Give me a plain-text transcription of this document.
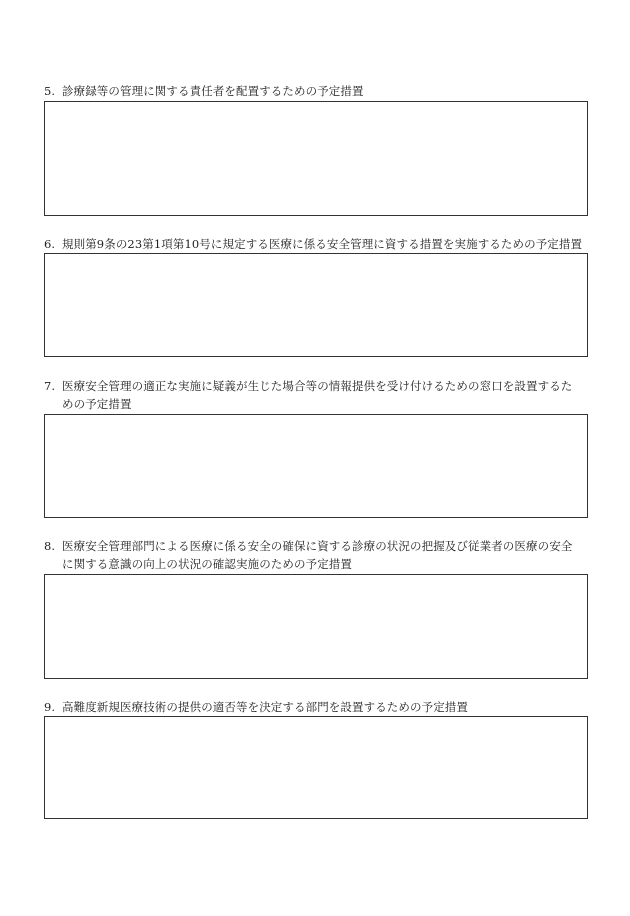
5. 診療録等の管理に関する責任者を配置するための予定措置
6. 規則第9条の23第1項第10号に規定する医療に係る安全管理に資する措置を実施するための予定措置
7. 医療安全管理の適正な実施に疑義が生じた場合等の情報提供を受け付けるための窓口を設置するた
めの予定措置
8. 医療安全管理部門による医療に係る安全の確保に資する診療の状況の把握及び従業者の医療の安全
に関する意識の向上の状況の確認実施のための予定措置
9. 高難度新規医療技術の提供の適否等を決定する部門を設置するための予定措置
